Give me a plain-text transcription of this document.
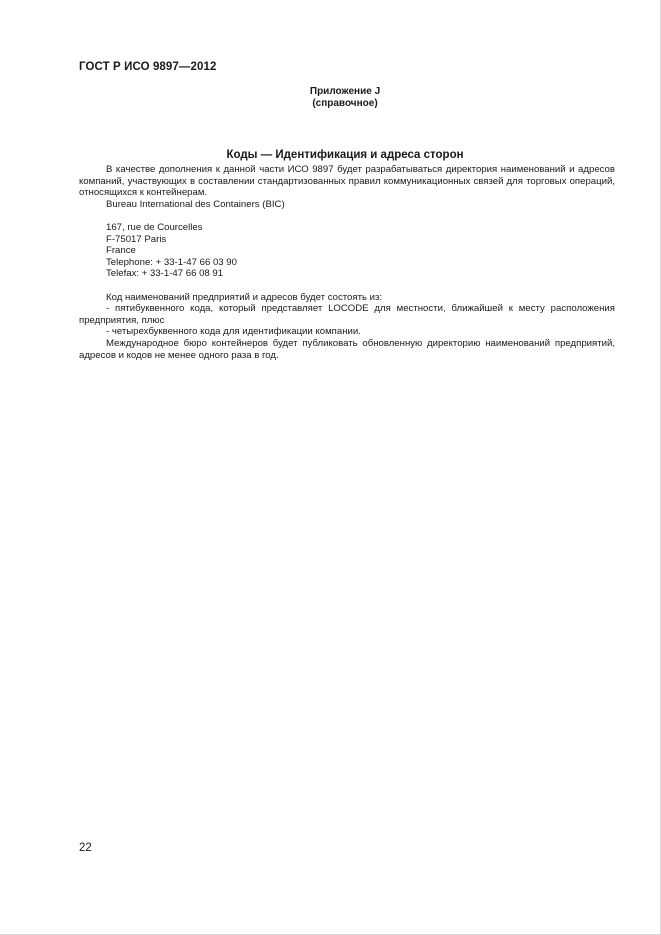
ГОСТ Р ИСО 9897—2012
Приложение J
(справочное)
Коды — Идентификация и адреса сторон

В качестве дополнения к данной части ИСО 9897 будет разрабатываться директория наименований и адресов компаний, участвующих в составлении стандартизованных правил коммуникационных связей для торговых операций, относящихся к контейнерам.

Bureau International des Containers (BIC)

167, rue de Courcelles

F-75017 Paris

France

Telephone: + 33-1-47 66 03 90

Telefax: + 33-1-47 66 08 91

Код наименований предприятий и адресов будет состоять из:

- пятибуквенного кода, который представляет LOCODE для местности, ближайшей к месту расположения предприятия, плюс

- четырехбуквенного кода для идентификации компании.

Международное бюро контейнеров будет публиковать обновленную директорию наименований предприятий, адресов и кодов не менее одного раза в год.

22
